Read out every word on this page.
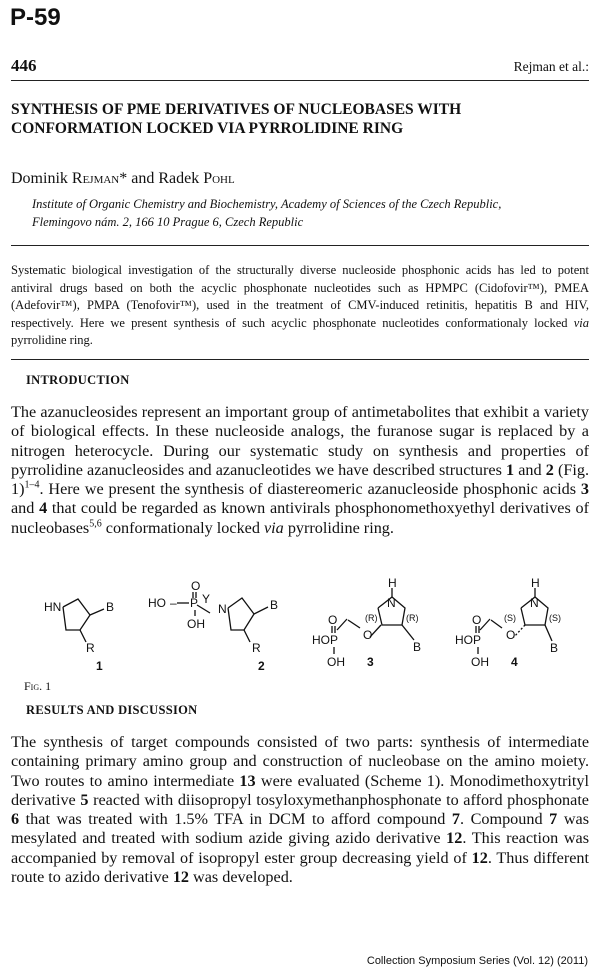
P-59
446	Rejman et al.:
SYNTHESIS OF PME DERIVATIVES OF NUCLEOBASES WITH
CONFORMATION LOCKED VIA PYRROLIDINE RING
Dominik Rejman* and Radek Pohl
Institute of Organic Chemistry and Biochemistry, Academy of Sciences of the Czech Republic,
Flemingovo nám. 2, 166 10 Prague 6, Czech Republic
Systematic biological investigation of the structurally diverse nucleoside phosphonic acids has led to potent antiviral drugs based on both the acyclic phosphonate nucleotides such as HPMPC (Cidofovir™), PMEA (Adefovir™), PMPA (Tenofovir™), used in the treatment of CMV-induced retinitis, hepatitis B and HIV, respectively. Here we present synthesis of such acyclic phosphonate nucleotides conformationaly locked via pyrrolidine ring.
INTRODUCTION
The azanucleosides represent an important group of antimetabolites that exhibit a variety of biological effects. In these nucleoside analogs, the furanose sugar is replaced by a nitrogen heterocycle. During our systematic study on synthesis and properties of pyrrolidine azanucleosides and azanucleotides we have described structures 1 and 2 (Fig. 1)$^{1-4}$. Here we present the synthesis of diastereomeric azanucleoside phosphonic acids 3 and 4 that could be regarded as known antivirals phosphonomethoxyethyl derivatives of nucleobases$^{5,6}$ conformationaly locked via pyrrolidine ring.
HN	B
R
1
HO – P
O
OH
Y
N	B
R
2
H
N
(R)	(R)
O
B
O
HO P
OH 3
H
N
(S)	(S)
O
B
O
HO P
OH 4
Fig. 1
RESULTS AND DISCUSSION
The synthesis of target compounds consisted of two parts: synthesis of intermediate containing primary amino group and construction of nucleobase on the amino moiety. Two routes to amino intermediate 13 were evaluated (Scheme 1). Monodimethoxytrityl derivative 5 reacted with diisopropyl tosyloxymethanphosphonate to afford phosphonate 6 that was treated with 1.5% TFA in DCM to afford compound 7. Compound 7 was mesylated and treated with sodium azide giving azido derivative 12. This reaction was accompanied by removal of isopropyl ester group decreasing yield of 12. Thus different route to azido derivative 12 was developed.
Collection Symposium Series (Vol. 12) (2011)
